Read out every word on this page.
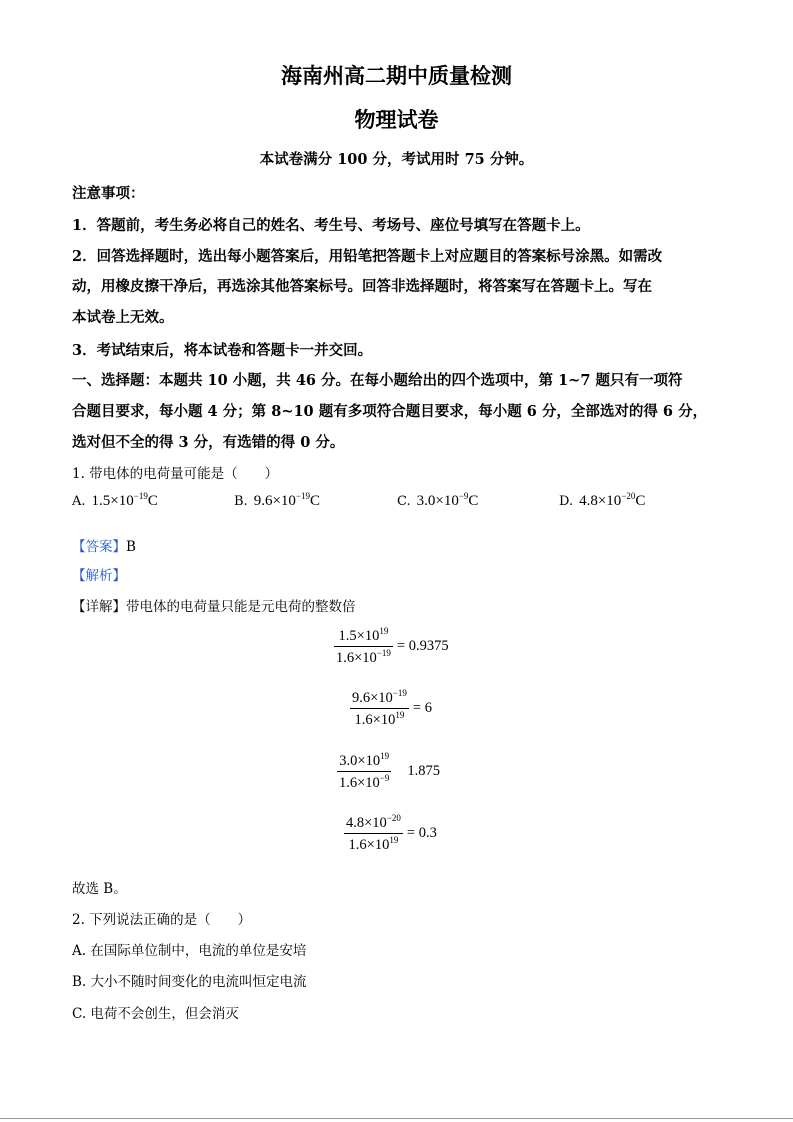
海南州高二期中质量检测
物理试卷
本试卷满分 100 分，考试用时 75 分钟。
注意事项：
1．答题前，考生务必将自己的姓名、考生号、考场号、座位号填写在答题卡上。
2．回答选择题时，选出每小题答案后，用铅笔把答题卡上对应题目的答案标号涂黑。如需改
动，用橡皮擦干净后，再选涂其他答案标号。回答非选择题时，将答案写在答题卡上。写在
本试卷上无效。
3．考试结束后，将本试卷和答题卡一并交回。
一、选择题：本题共 10 小题，共 46 分。在每小题给出的四个选项中，第 1~7 题只有一项符
合题目要求，每小题 4 分；第 8~10 题有多项符合题目要求，每小题 6 分，全部选对的得 6 分，
选对但不全的得 3 分，有选错的得 0 分。
1. 带电体的电荷量可能是（　　）
A. $1.5\times 10^{-19}C$	B. $9.6\times 10^{-19}C$	C. $3.0\times 10^{-9}C$	D. $4.8\times 10^{-20}C$
【答案】B
【解析】
【详解】带电体的电荷量只能是元电荷的整数倍
$\frac{1.5\times 10^{19}}{1.6\times 10^{-19}} = 0.9375$
$\frac{9.6\times 10^{-19}}{1.6\times 10^{19}} = 6$
$\frac{3.0\times 10^{19}}{1.6\times 10^{-9}} 1.875$
$\frac{4.8\times 10^{-20}}{1.6\times 10^{19}} = 0.3$
故选 B。
2. 下列说法正确的是（　　）
A. 在国际单位制中，电流的单位是安培
B. 大小不随时间变化的电流叫恒定电流
C. 电荷不会创生，但会消灭
